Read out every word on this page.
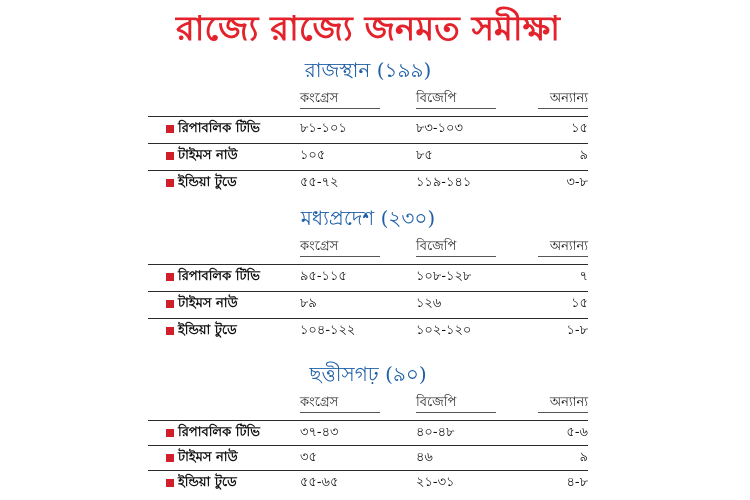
রাজ্যে রাজ্যে জনমত সমীক্ষা
রাজস্থান (১৯৯)
কংগ্রেস	বিজেপি	অন্যান্য
রিপাবলিক টিভি	৮১-১০১	৮৩-১০৩	১৫
টাইমস নাউ	১০৫	৮৫	৯
ইন্ডিয়া টুডে	৫৫-৭২	১১৯-১৪১	৩-৮
মধ্যপ্রদেশ (২৩০)
কংগ্রেস	বিজেপি	অন্যান্য
রিপাবলিক টিভি	৯৫-১১৫	১০৮-১২৮	৭
টাইমস নাউ	৮৯	১২৬	১৫
ইন্ডিয়া টুডে	১০৪-১২২	১০২-১২০	১-৮
ছত্তীসগঢ় (৯০)
কংগ্রেস	বিজেপি	অন্যান্য
রিপাবলিক টিভি	৩৭-৪৩	৪০-৪৮	৫-৬
টাইমস নাউ	৩৫	৪৬	৯
ইন্ডিয়া টুডে	৫৫-৬৫	২১-৩১	৪-৮
